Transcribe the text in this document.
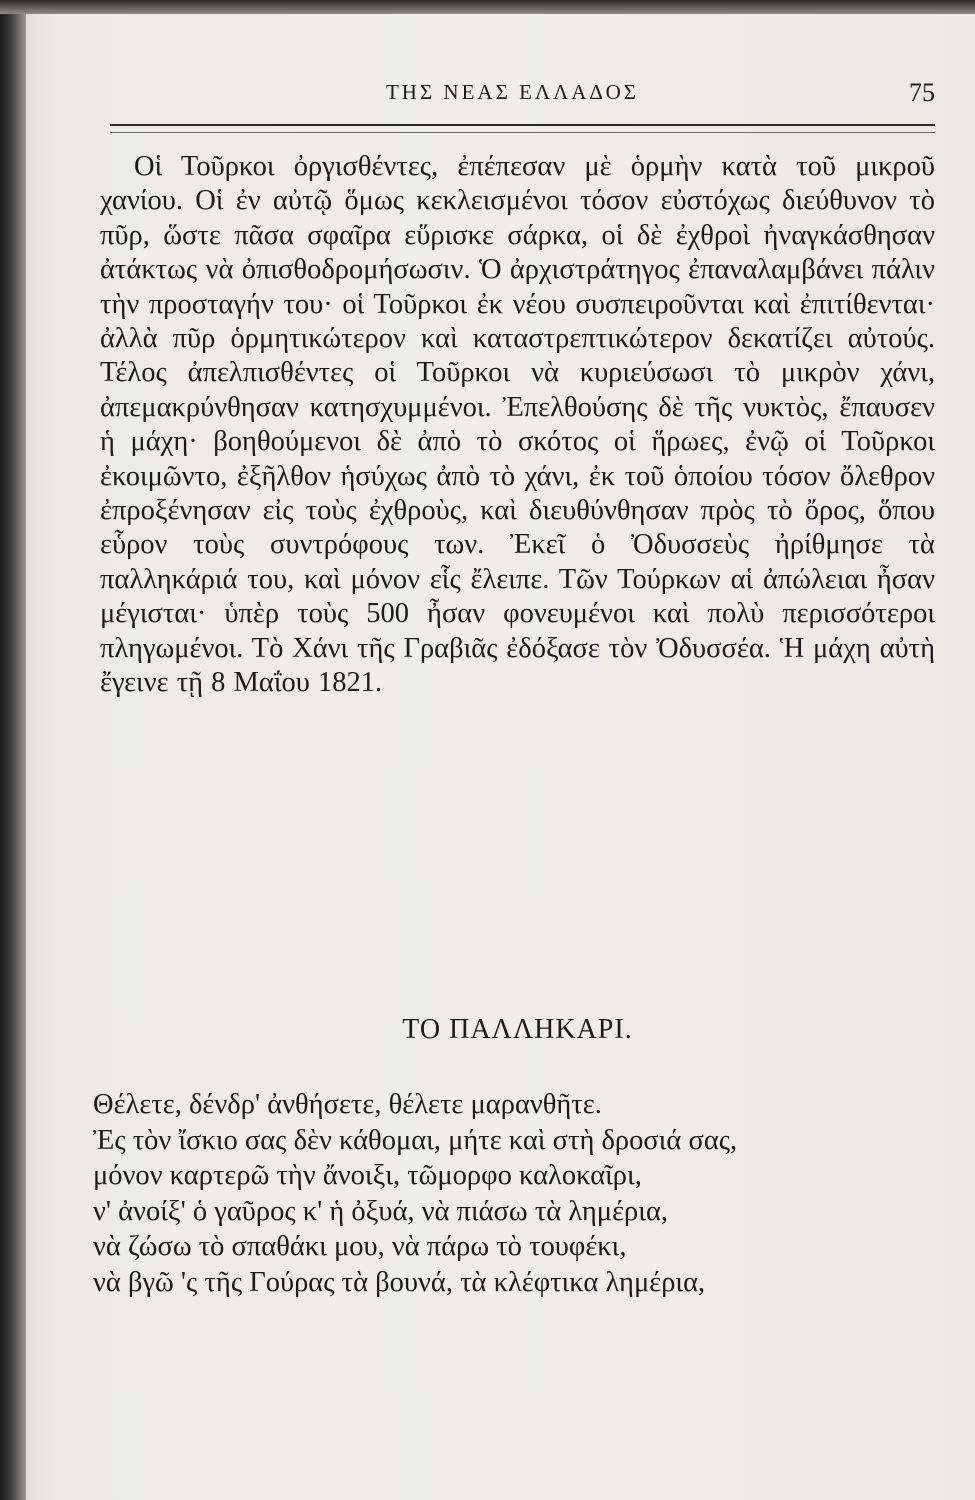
ΤΗΣ ΝΕΑΣ ΕΛΛΑΔΟΣ	75
Οἱ Τοῦρκοι ὀργισθέντες, ἐπέπεσαν μὲ ὁρμὴν κατὰ τοῦ μικροῦ χανίου. Οἱ ἐν αὐτῷ ὅμως κεκλεισμένοι τόσον εὐστόχως διεύθυνον τὸ πῦρ, ὥστε πᾶσα σφαῖρα εὕρισκε σάρκα, οἱ δὲ ἐχθροὶ ἠναγκάσθησαν ἀτάκτως νὰ ὀπισθοδρομήσωσιν. Ὁ ἀρχιστράτηγος ἐπαναλαμβάνει πάλιν τὴν προσταγήν του· οἱ Τοῦρκοι ἐκ νέου συσπειροῦνται καὶ ἐπιτίθενται· ἀλλὰ πῦρ ὁρμητικώτερον καὶ καταστρεπτικώτερον δεκατίζει αὐτούς. Τέλος ἀπελπισθέντες οἱ Τοῦρκοι νὰ κυριεύσωσι τὸ μικρὸν χάνι, ἀπεμακρύνθησαν κατησχυμμένοι. Ἐπελθούσης δὲ τῆς νυκτὸς, ἔπαυσεν ἡ μάχη· βοηθούμενοι δὲ ἀπὸ τὸ σκότος οἱ ἥρωες, ἐνῷ οἱ Τοῦρκοι ἐκοιμῶντο, ἐξῆλθον ἡσύχως ἀπὸ τὸ χάνι, ἐκ τοῦ ὁποίου τόσον ὄλεθρον ἐπροξένησαν εἰς τοὺς ἐχθροὺς, καὶ διευθύνθησαν πρὸς τὸ ὄρος, ὅπου εὗρον τοὺς συντρόφους των. Ἐκεῖ ὁ Ὀδυσσεὺς ἠρίθμησε τὰ παλληκάριά του, καὶ μόνον εἷς ἔλειπε. Τῶν Τούρκων αἱ ἀπώλειαι ἦσαν μέγισται· ὑπὲρ τοὺς 500 ἦσαν φονευμένοι καὶ πολὺ περισσότεροι πληγωμένοι. Τὸ Χάνι τῆς Γραβιᾶς ἐδόξασε τὸν Ὀδυσσέα. Ἡ μάχη αὐτὴ ἔγεινε τῇ 8 Μαΐου 1821.
ΤΟ ΠΑΛΛΗΚΑΡΙ.
Θέλετε, δένδρ' ἀνθήσετε, θέλετε μαρανθῆτε.
Ἐς τὸν ἴσκιο σας δὲν κάθομαι, μήτε καὶ στὴ δροσιά σας,
μόνον καρτερῶ τὴν ἄνοιξι, τῶμορφο καλοκαῖρι,
ν' ἀνοίξ' ὁ γαῦρος κ' ἡ ὀξυά, νὰ πιάσω τὰ λημέρια,
νὰ ζώσω τὸ σπαθάκι μου, νὰ πάρω τὸ τουφέκι,
νὰ βγῶ 'ς τῆς Γούρας τὰ βουνά, τὰ κλέφτικα λημέρια,
